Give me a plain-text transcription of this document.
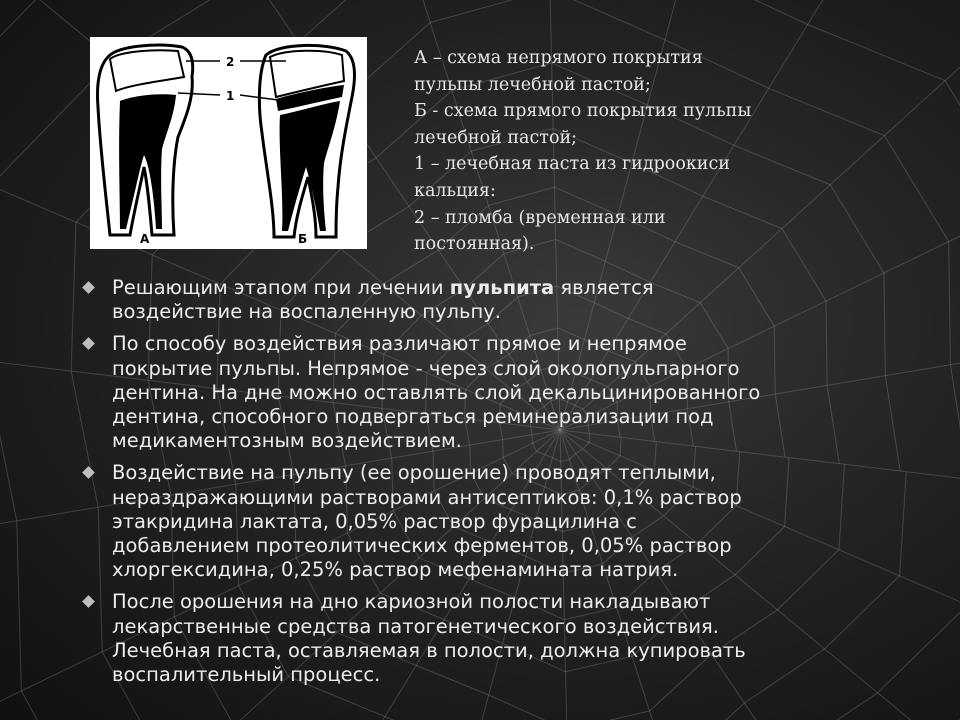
2
1
А	Б

А – схема непрямого покрытия
пульпы лечебной пастой;
Б - схема прямого покрытия пульпы
лечебной пастой;
1 – лечебная паста из гидроокиси
кальция:
2 – пломба (временная или
постоянная).

Решающим этапом при лечении пульпита является
воздействие на воспаленную пульпу.
По способу воздействия различают прямое и непрямое
покрытие пульпы. Непрямое - через слой околопульпарного
дентина. На дне можно оставлять слой декальцинированного
дентина, способного подвергаться реминерализации под
медикаментозным воздействием.
Воздействие на пульпу (ее орошение) проводят теплыми,
нераздражающими растворами антисептиков: 0,1% раствор
этакридина лактата, 0,05% раствор фурацилина с
добавлением протеолитических ферментов, 0,05% раствор
хлоргексидина, 0,25% раствор мефенамината натрия.
После орошения на дно кариозной полости накладывают
лекарственные средства патогенетического воздействия.
Лечебная паста, оставляемая в полости, должна купировать
воспалительный процесс.
